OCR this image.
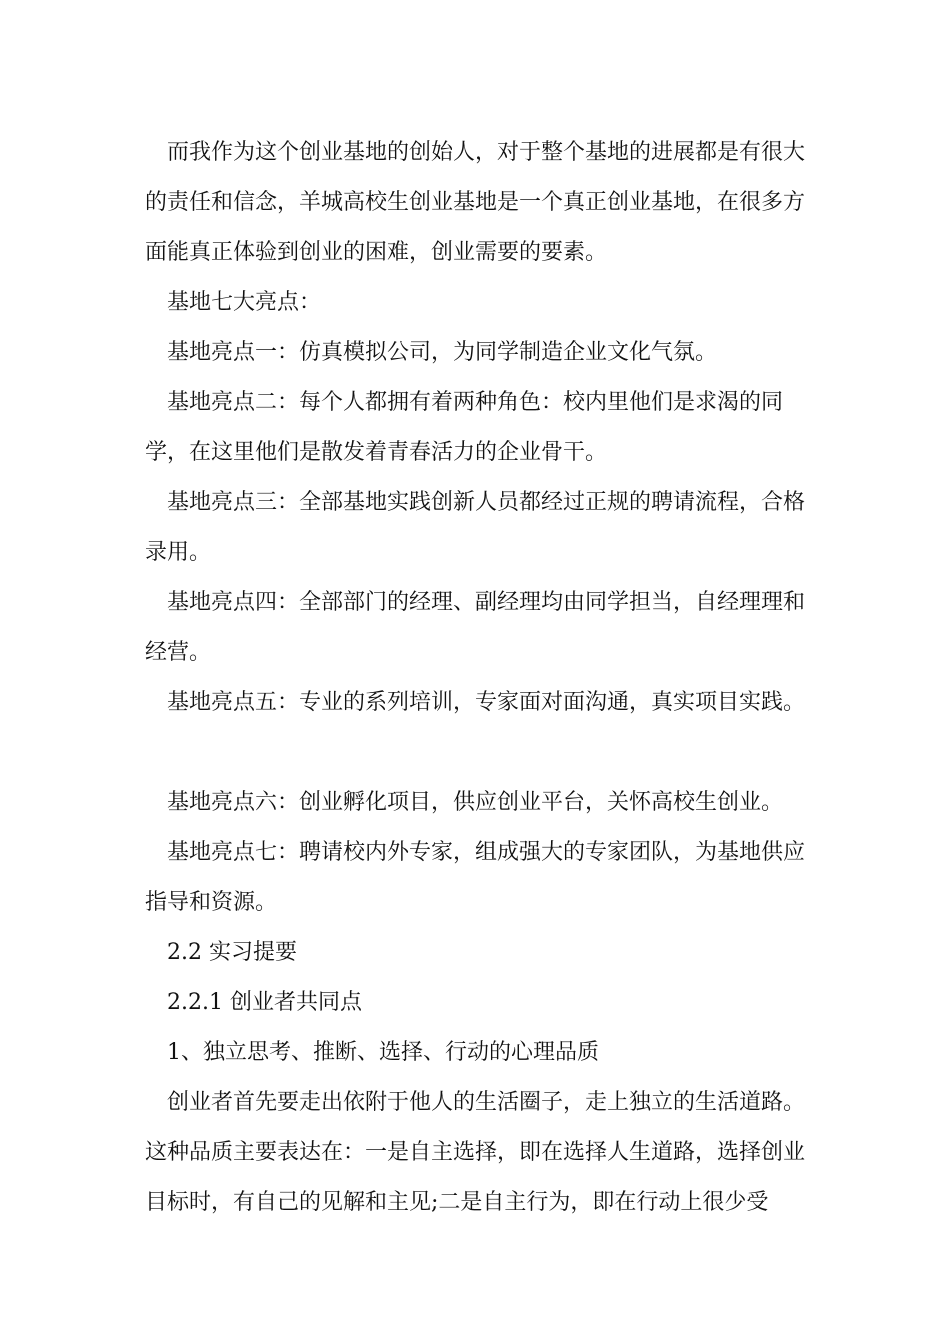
而我作为这个创业基地的创始人，对于整个基地的进展都是有很大的责任和信念，羊城高校生创业基地是一个真正创业基地，在很多方面能真正体验到创业的困难，创业需要的要素。

基地七大亮点：

基地亮点一：仿真模拟公司，为同学制造企业文化气氛。

基地亮点二：每个人都拥有着两种角色：校内里他们是求渴的同学，在这里他们是散发着青春活力的企业骨干。

基地亮点三：全部基地实践创新人员都经过正规的聘请流程，合格录用。

基地亮点四：全部部门的经理、副经理均由同学担当，自经理理和经营。

基地亮点五：专业的系列培训，专家面对面沟通，真实项目实践。

基地亮点六：创业孵化项目，供应创业平台，关怀高校生创业。

基地亮点七：聘请校内外专家，组成强大的专家团队，为基地供应指导和资源。

2.2 实习提要

2.2.1 创业者共同点

1、独立思考、推断、选择、行动的心理品质

创业者首先要走出依附于他人的生活圈子，走上独立的生活道路。这种品质主要表达在：一是自主选择，即在选择人生道路，选择创业目标时，有自己的见解和主见;二是自主行为，即在行动上很少受
